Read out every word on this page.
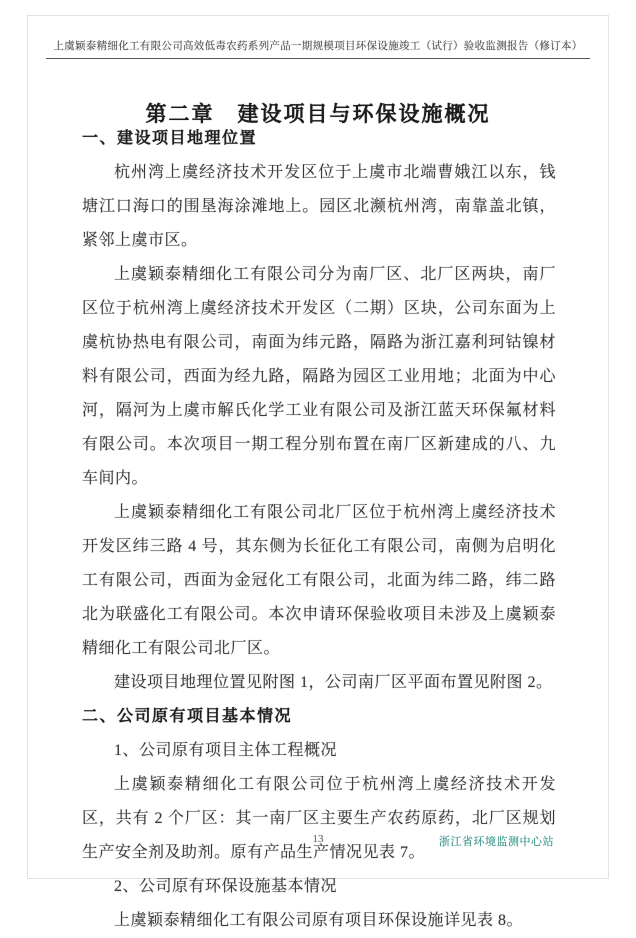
上虞颖泰精细化工有限公司高效低毒农药系列产品一期规模项目环保设施竣工（试行）验收监测报告（修订本）
第二章　建设项目与环保设施概况
一、建设项目地理位置

杭州湾上虞经济技术开发区位于上虞市北端曹娥江以东，钱塘江口海口的围垦海涂滩地上。园区北濒杭州湾，南靠盖北镇，紧邻上虞市区。

上虞颖泰精细化工有限公司分为南厂区、北厂区两块，南厂区位于杭州湾上虞经济技术开发区（二期）区块，公司东面为上虞杭协热电有限公司，南面为纬元路，隔路为浙江嘉利珂钴镍材料有限公司，西面为经九路，隔路为园区工业用地；北面为中心河，隔河为上虞市解氏化学工业有限公司及浙江蓝天环保氟材料有限公司。本次项目一期工程分别布置在南厂区新建成的八、九车间内。

上虞颖泰精细化工有限公司北厂区位于杭州湾上虞经济技术开发区纬三路 4 号，其东侧为长征化工有限公司，南侧为启明化工有限公司，西面为金冠化工有限公司，北面为纬二路，纬二路北为联盛化工有限公司。本次申请环保验收项目未涉及上虞颖泰精细化工有限公司北厂区。

建设项目地理位置见附图 1，公司南厂区平面布置见附图 2。

二、公司原有项目基本情况

1、公司原有项目主体工程概况

上虞颖泰精细化工有限公司位于杭州湾上虞经济技术开发区，共有 2 个厂区：其一南厂区主要生产农药原药，北厂区规划生产安全剂及助剂。原有产品生产情况见表 7。

2、公司原有环保设施基本情况

上虞颖泰精细化工有限公司原有项目环保设施详见表 8。

13	浙江省环境监测中心站
